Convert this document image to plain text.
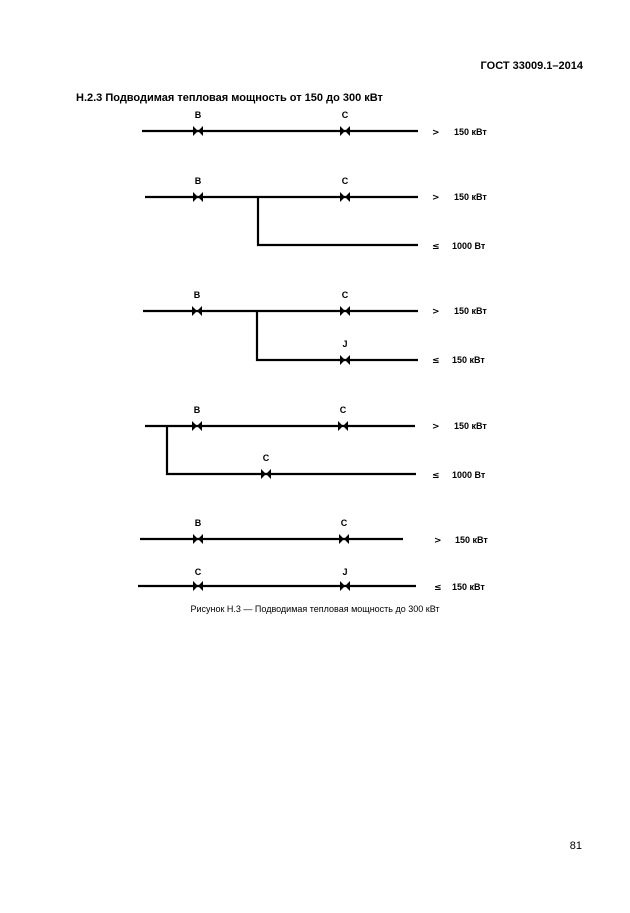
ГОСТ 33009.1–2014
Н.2.3 Подводимая тепловая мощность от 150 до 300 кВт
B	C
> 150 кВт
B	C
> 150 кВт
≤ 1000 Вт
B	C
J
> 150 кВт
≤ 150 кВт
B	C
C
> 150 кВт
≤ 1000 Вт
B	C
> 150 кВт
C	J
≤ 150 кВт
Рисунок Н.3 — Подводимая тепловая мощность до 300 кВт
81
